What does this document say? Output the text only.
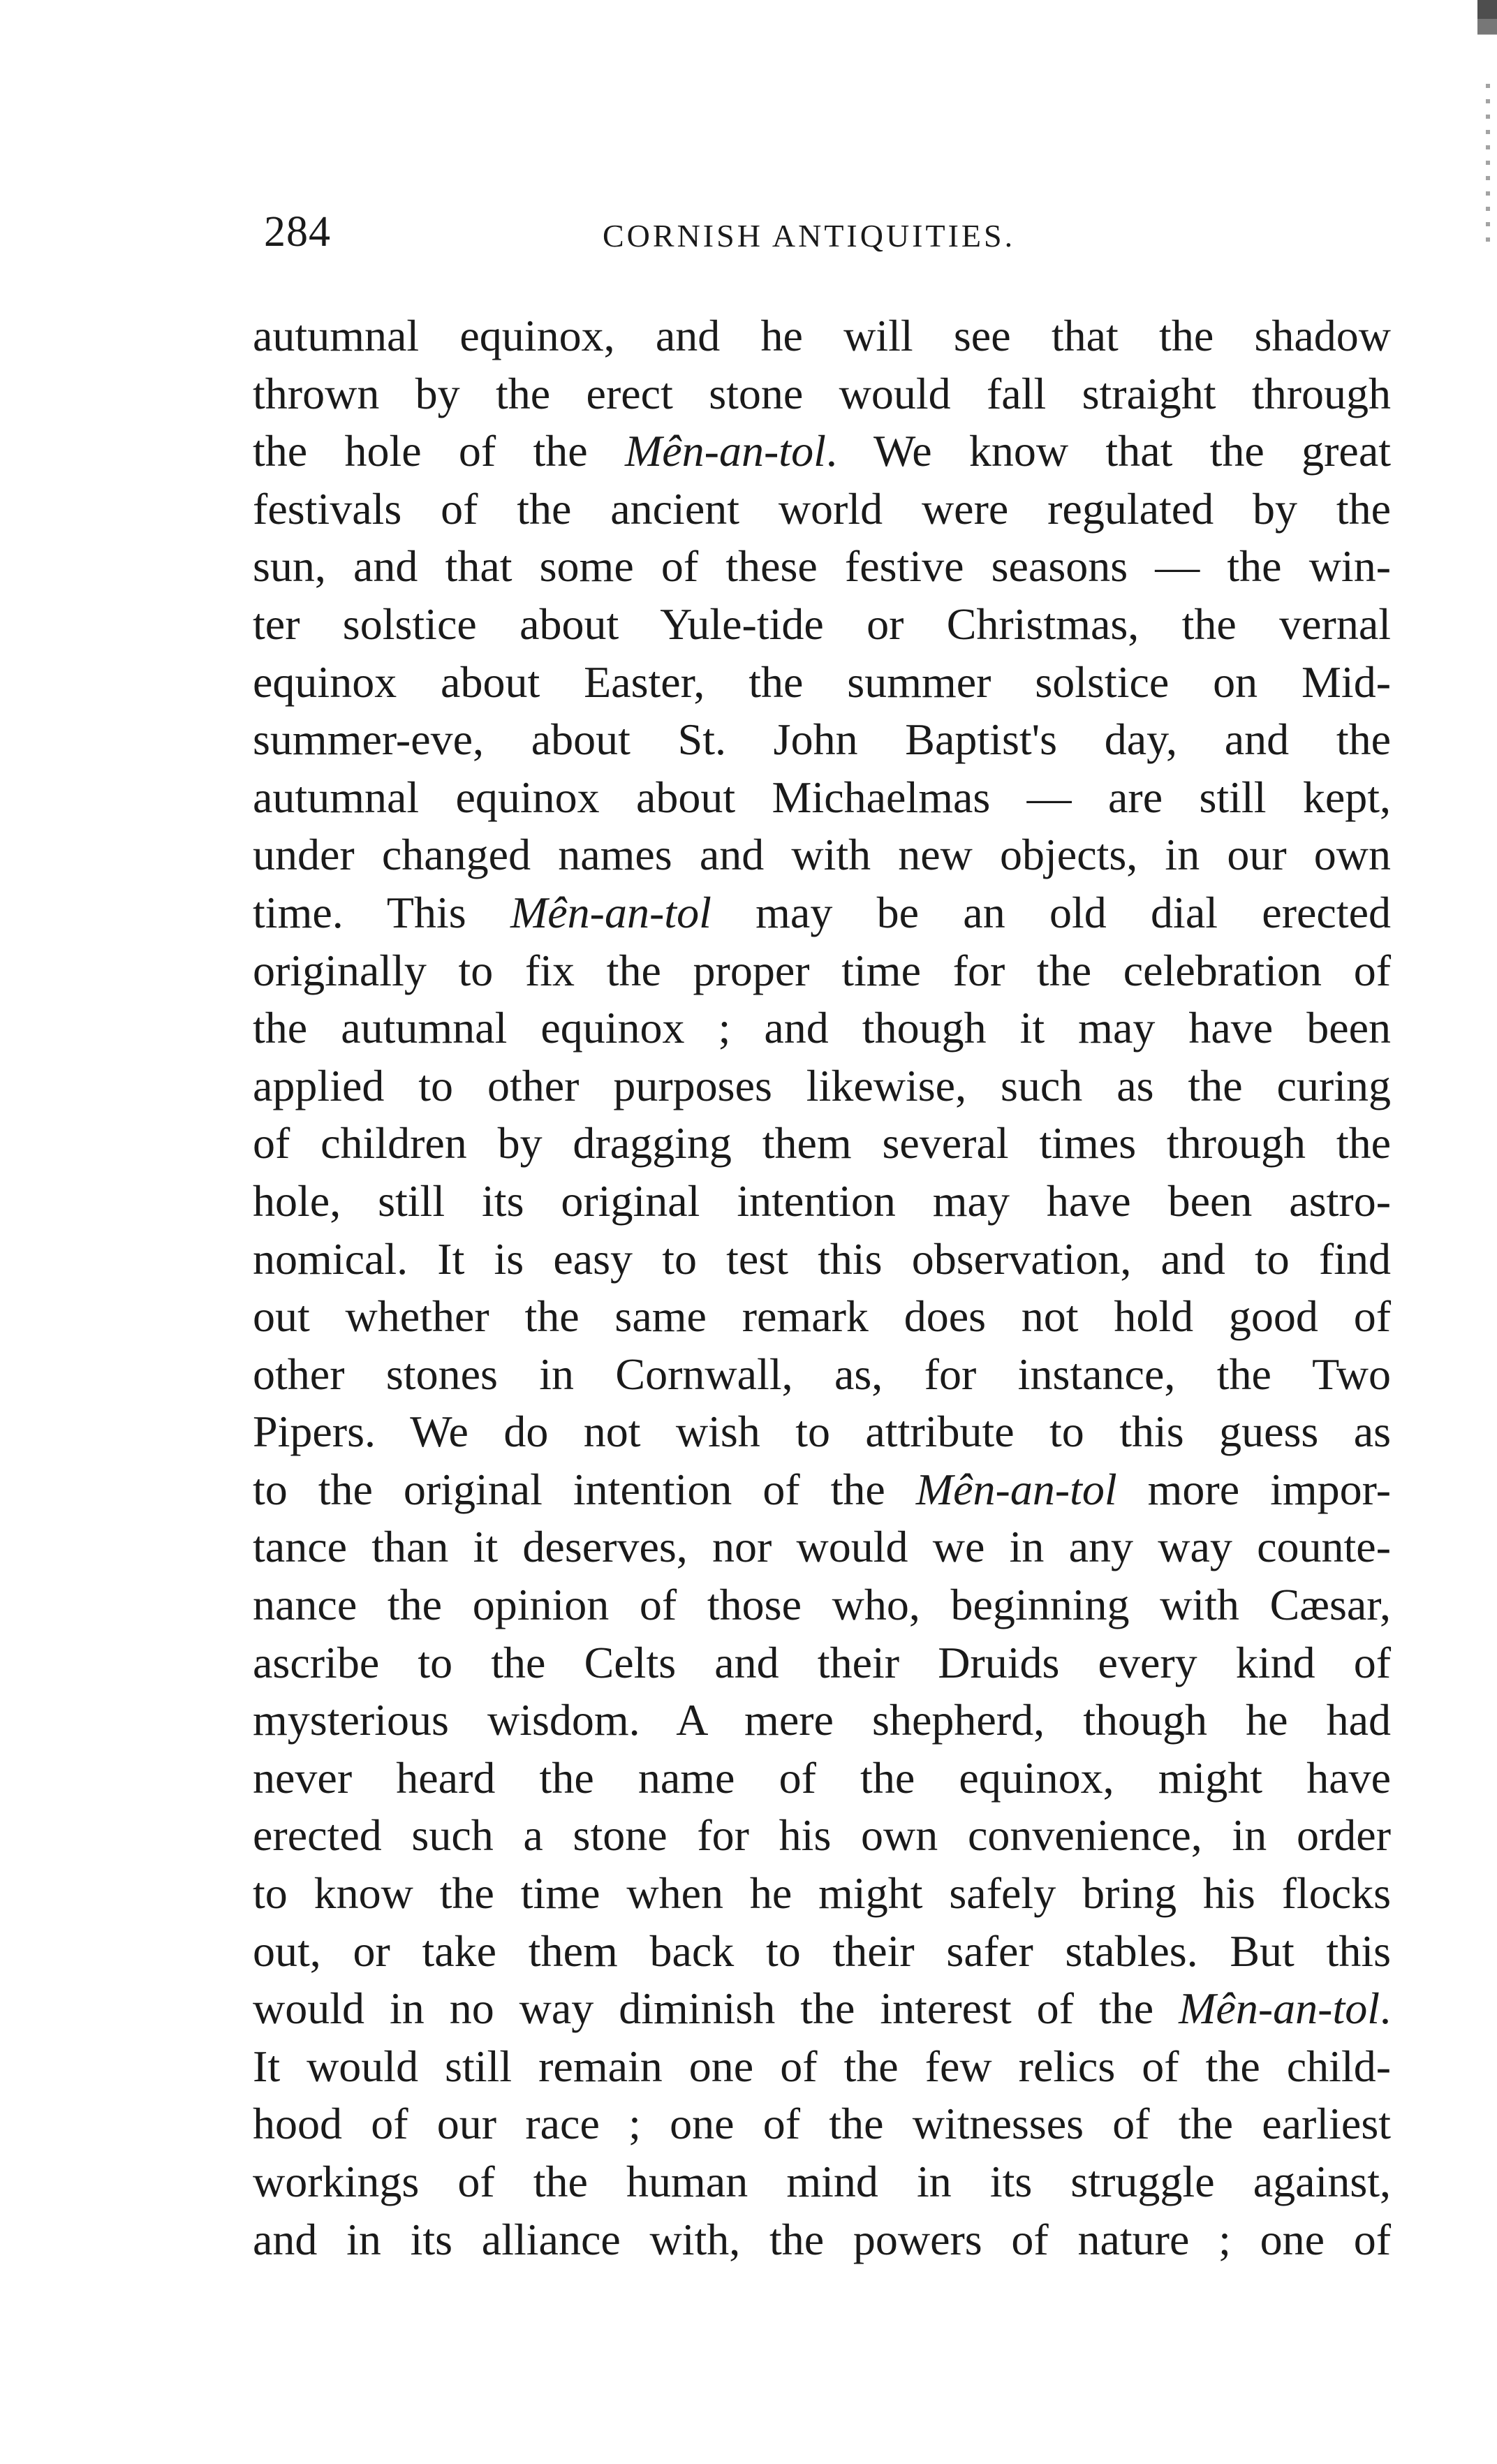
284	CORNISH ANTIQUITIES.
autumnal equinox, and he will see that the shadow
thrown by the erect stone would fall straight through
the hole of the Mên-an-tol. We know that the great
festivals of the ancient world were regulated by the
sun, and that some of these festive seasons — the win-
ter solstice about Yule-tide or Christmas, the vernal
equinox about Easter, the summer solstice on Mid-
summer-eve, about St. John Baptist's day, and the
autumnal equinox about Michaelmas — are still kept,
under changed names and with new objects, in our own
time. This Mên-an-tol may be an old dial erected
originally to fix the proper time for the celebration of
the autumnal equinox ; and though it may have been
applied to other purposes likewise, such as the curing
of children by dragging them several times through the
hole, still its original intention may have been astro-
nomical. It is easy to test this observation, and to find
out whether the same remark does not hold good of
other stones in Cornwall, as, for instance, the Two
Pipers. We do not wish to attribute to this guess as
to the original intention of the Mên-an-tol more impor-
tance than it deserves, nor would we in any way counte-
nance the opinion of those who, beginning with Cæsar,
ascribe to the Celts and their Druids every kind of
mysterious wisdom. A mere shepherd, though he had
never heard the name of the equinox, might have
erected such a stone for his own convenience, in order
to know the time when he might safely bring his flocks
out, or take them back to their safer stables. But this
would in no way diminish the interest of the Mên-an-tol.
It would still remain one of the few relics of the child-
hood of our race ; one of the witnesses of the earliest
workings of the human mind in its struggle against,
and in its alliance with, the powers of nature ; one of
